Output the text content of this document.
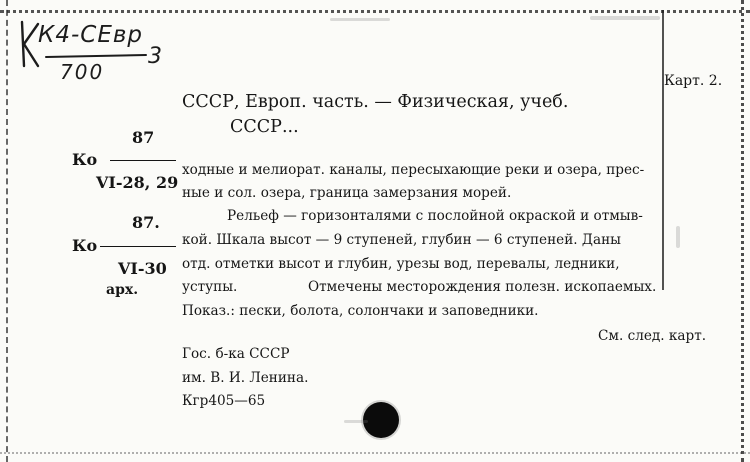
К4-СЕвр
700
3
Карт. 2.
СССР, Европ. часть. — Физическая, учеб.
СССР...
87
Ко
VI-28, 29
87.
Ко
VI-30
арх.
ходные и мелиорат. каналы, пересыхающие реки и озера, прес-
ные и сол. озера, граница замерзания морей.
Рельеф — горизонталями с послойной окраской и отмыв-
кой. Шкала высот — 9 ступеней, глубин — 6 ступеней. Даны
отд. отметки высот и глубин, урезы вод, перевалы, ледники,
уступы.	Отмечены месторождения полезн. ископаемых.
Показ.: пески, болота, солончаки и заповедники.
См. след. карт.
Гос. б-ка СССР
им. В. И. Ленина.
Кгр405—65
